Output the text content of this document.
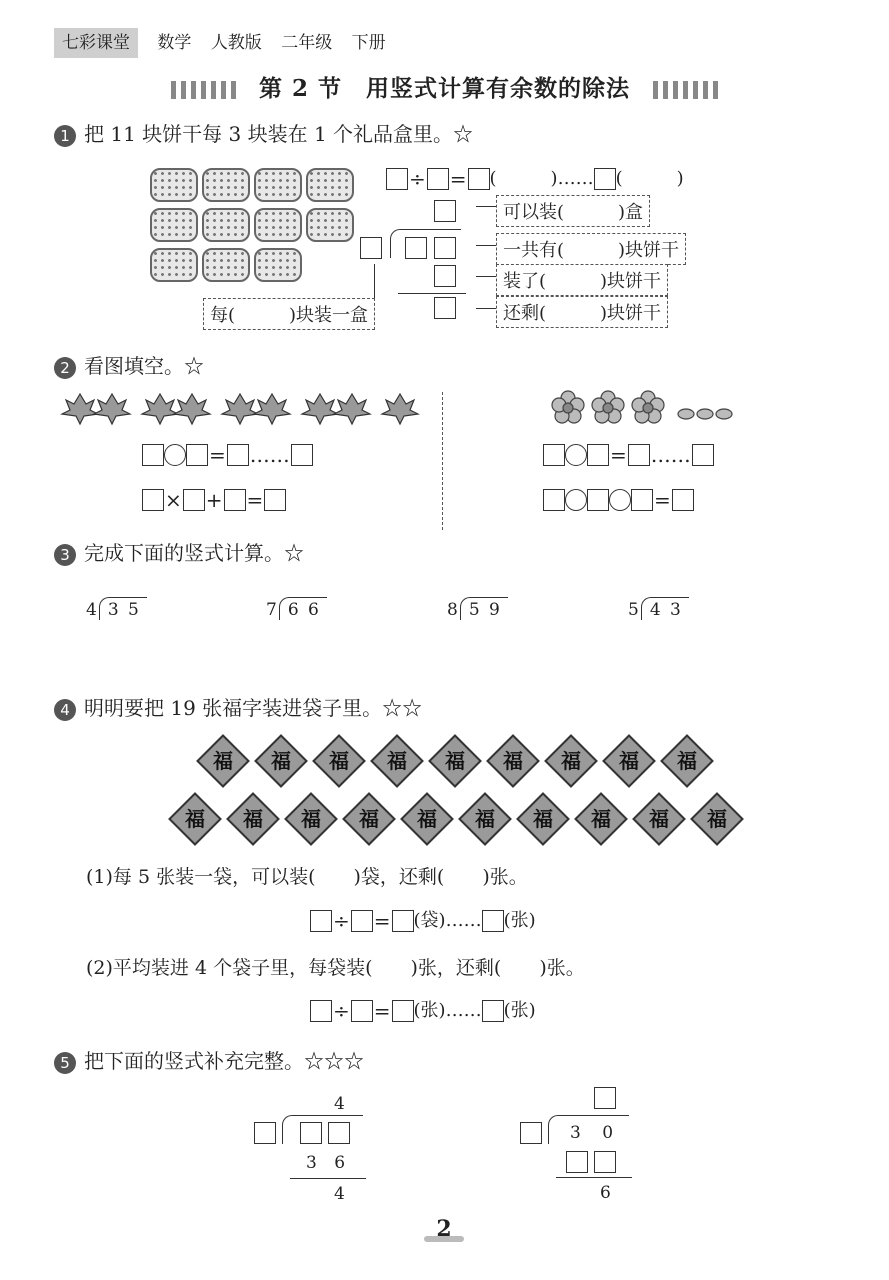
七彩课堂 数学 人教版 二年级 下册
第 2 节　用竖式计算有余数的除法
1 把 11 块饼干每 3 块装在 1 个礼品盒里。☆
÷ = (　　　)…… (　　　)
可以装(　　　)盒
一共有(　　　)块饼干
装了(　　　)块饼干
还剩(　　　)块饼干
每(　　　)块装一盒
2 看图填空。☆
= ……
× + =
= ……
=
3 完成下面的竖式计算。☆
4 3 5	7 6 6	8 5 9	5 4 3
4 明明要把 19 张福字装进袋子里。☆☆
福	福	福	福	福	福	福	福	福
福	福	福	福	福	福	福	福	福	福
(1)每 5 张装一袋，可以装(　　)袋，还剩(　　)张。
÷ = (袋)…… (张)
(2)平均装进 4 个袋子里，每袋装(　　)张，还剩(　　)张。
÷ = (张)…… (张)
5 把下面的竖式补充完整。☆☆☆
4
3 6
4
3 0
6
2
